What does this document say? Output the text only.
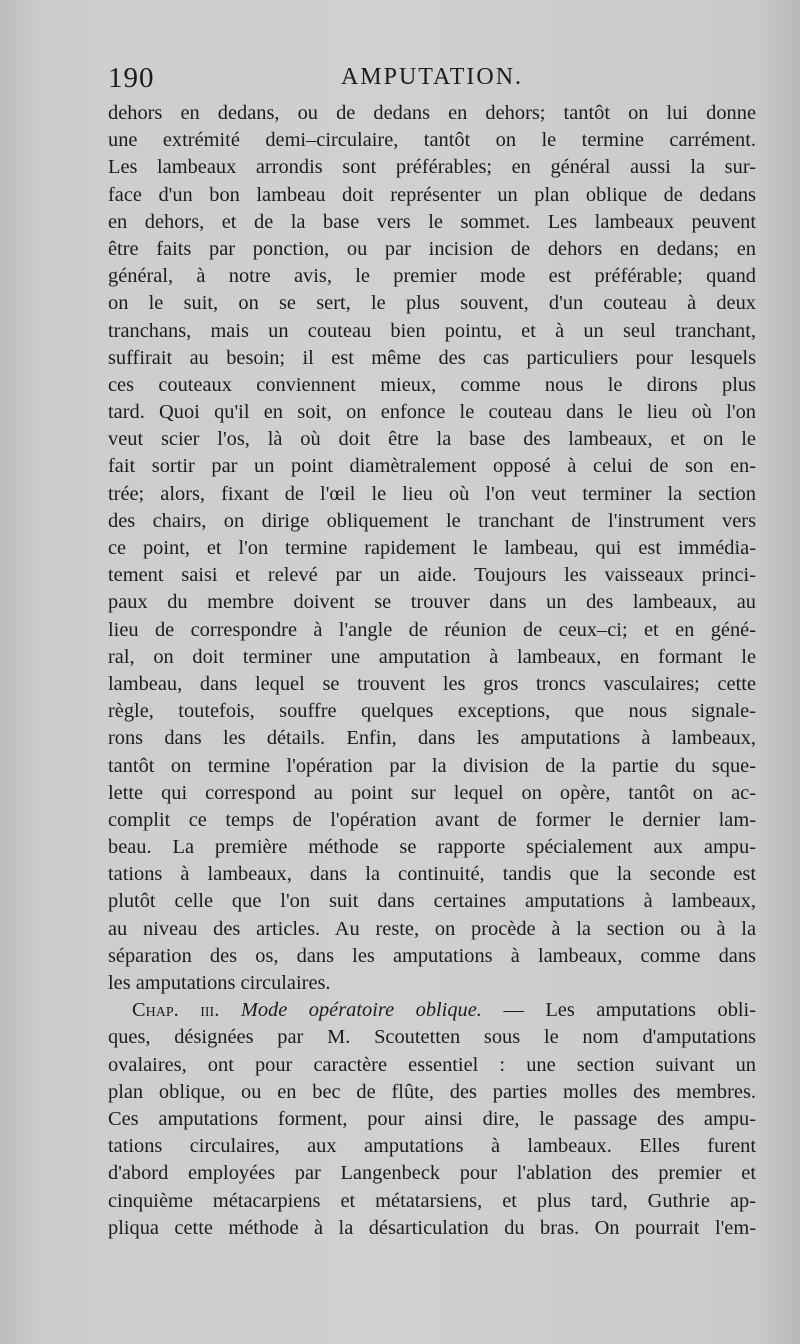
190	AMPUTATION.
dehors en dedans, ou de dedans en dehors; tantôt on lui donne
une extrémité demi–circulaire, tantôt on le termine carrément.
Les lambeaux arrondis sont préférables; en général aussi la sur-
face d'un bon lambeau doit représenter un plan oblique de dedans
en dehors, et de la base vers le sommet. Les lambeaux peuvent
être faits par ponction, ou par incision de dehors en dedans; en
général, à notre avis, le premier mode est préférable; quand
on le suit, on se sert, le plus souvent, d'un couteau à deux
tranchans, mais un couteau bien pointu, et à un seul tranchant,
suffirait au besoin; il est même des cas particuliers pour lesquels
ces couteaux conviennent mieux, comme nous le dirons plus
tard. Quoi qu'il en soit, on enfonce le couteau dans le lieu où l'on
veut scier l'os, là où doit être la base des lambeaux, et on le
fait sortir par un point diamètralement opposé à celui de son en-
trée; alors, fixant de l'œil le lieu où l'on veut terminer la section
des chairs, on dirige obliquement le tranchant de l'instrument vers
ce point, et l'on termine rapidement le lambeau, qui est immédia-
tement saisi et relevé par un aide. Toujours les vaisseaux princi-
paux du membre doivent se trouver dans un des lambeaux, au
lieu de correspondre à l'angle de réunion de ceux–ci; et en géné-
ral, on doit terminer une amputation à lambeaux, en formant le
lambeau, dans lequel se trouvent les gros troncs vasculaires; cette
règle, toutefois, souffre quelques exceptions, que nous signale-
rons dans les détails. Enfin, dans les amputations à lambeaux,
tantôt on termine l'opération par la division de la partie du sque-
lette qui correspond au point sur lequel on opère, tantôt on ac-
complit ce temps de l'opération avant de former le dernier lam-
beau. La première méthode se rapporte spécialement aux ampu-
tations à lambeaux, dans la continuité, tandis que la seconde est
plutôt celle que l'on suit dans certaines amputations à lambeaux,
au niveau des articles. Au reste, on procède à la section ou à la
séparation des os, dans les amputations à lambeaux, comme dans
les amputations circulaires.
Chap. iii. Mode opératoire oblique. — Les amputations obli-
ques, désignées par M. Scoutetten sous le nom d'amputations
ovalaires, ont pour caractère essentiel : une section suivant un
plan oblique, ou en bec de flûte, des parties molles des membres.
Ces amputations forment, pour ainsi dire, le passage des ampu-
tations circulaires, aux amputations à lambeaux. Elles furent
d'abord employées par Langenbeck pour l'ablation des premier et
cinquième métacarpiens et métatarsiens, et plus tard, Guthrie ap-
pliqua cette méthode à la désarticulation du bras. On pourrait l'em-
